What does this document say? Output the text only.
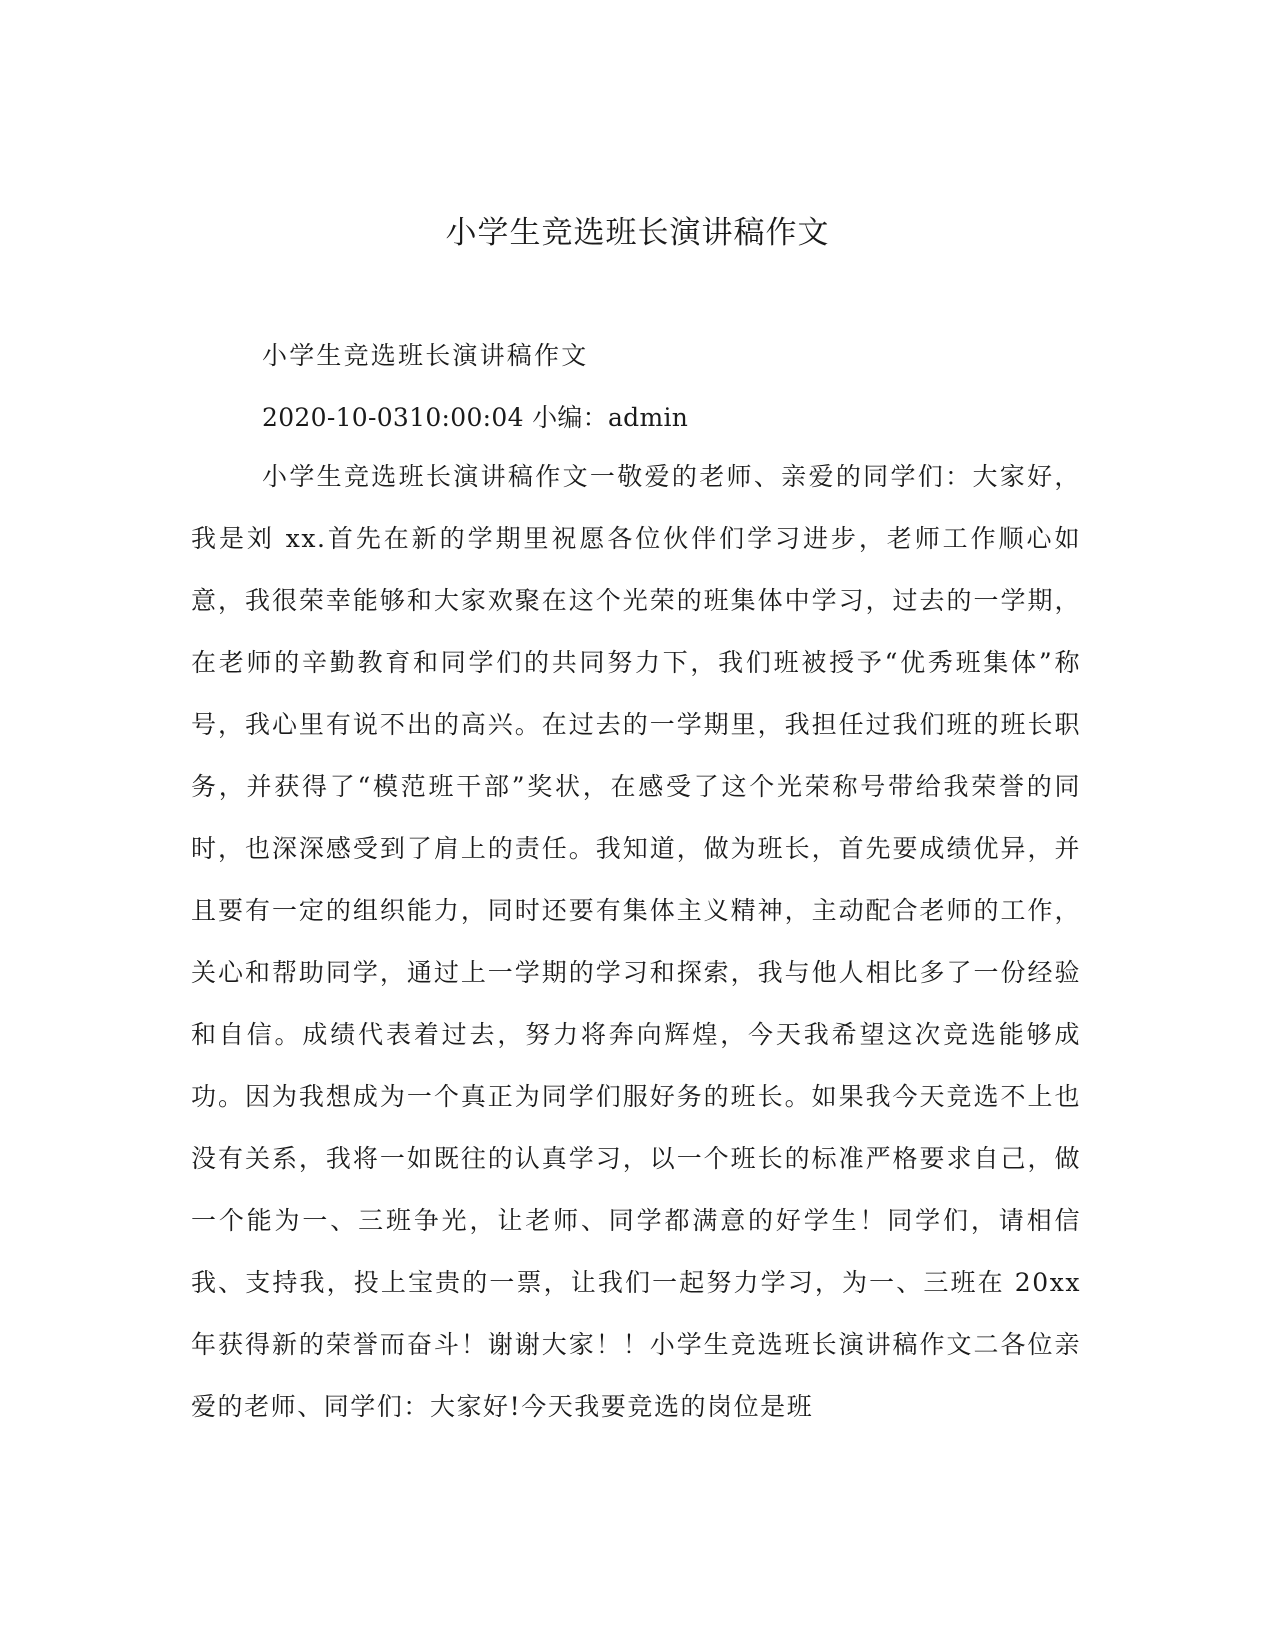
小学生竞选班长演讲稿作文

小学生竞选班长演讲稿作文

2020-10-0310:00:04 小编：admin

小学生竞选班长演讲稿作文一敬爱的老师、亲爱的同学们：大家好，我是刘 xx.首先在新的学期里祝愿各位伙伴们学习进步，老师工作顺心如意，我很荣幸能够和大家欢聚在这个光荣的班集体中学习，过去的一学期，在老师的辛勤教育和同学们的共同努力下，我们班被授予“优秀班集体”称号，我心里有说不出的高兴。在过去的一学期里，我担任过我们班的班长职务，并获得了“模范班干部”奖状，在感受了这个光荣称号带给我荣誉的同时，也深深感受到了肩上的责任。我知道，做为班长，首先要成绩优异，并且要有一定的组织能力，同时还要有集体主义精神，主动配合老师的工作，关心和帮助同学，通过上一学期的学习和探索，我与他人相比多了一份经验和自信。成绩代表着过去，努力将奔向辉煌，今天我希望这次竞选能够成功。因为我想成为一个真正为同学们服好务的班长。如果我今天竞选不上也没有关系，我将一如既往的认真学习，以一个班长的标准严格要求自己，做一个能为一、三班争光，让老师、同学都满意的好学生！同学们，请相信我、支持我，投上宝贵的一票，让我们一起努力学习，为一、三班在 20xx 年获得新的荣誉而奋斗！谢谢大家！！小学生竞选班长演讲稿作文二各位亲爱的老师、同学们：大家好!今天我要竞选的岗位是班
